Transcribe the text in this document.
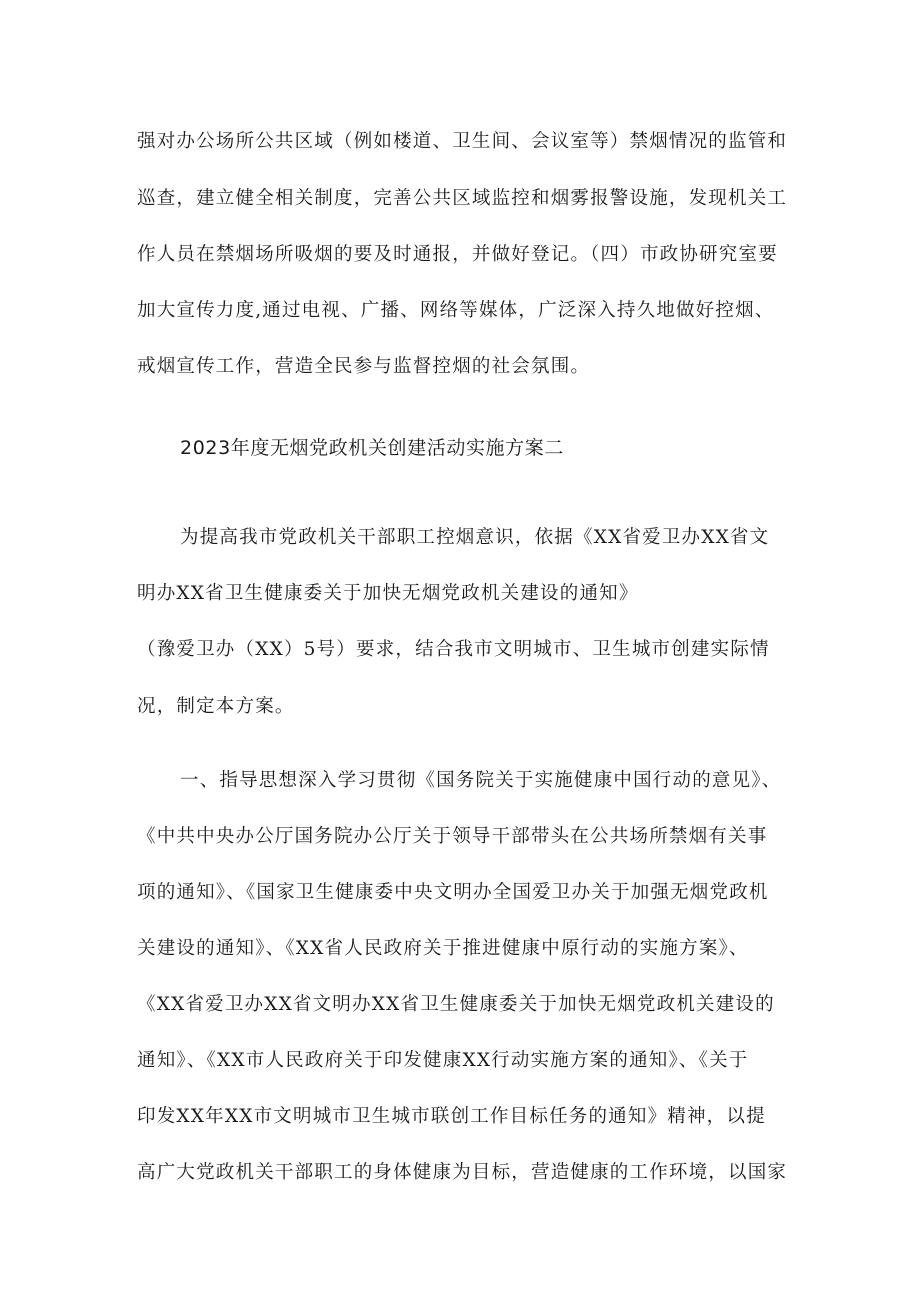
强对办公场所公共区域（例如楼道、卫生间、会议室等）禁烟情况的监管和
巡查，建立健全相关制度，完善公共区域监控和烟雾报警设施，发现机关工
作人员在禁烟场所吸烟的要及时通报，并做好登记。（四）市政协研究室要
加大宣传力度,通过电视、广播、网络等媒体，广泛深入持久地做好控烟、
戒烟宣传工作，营造全民参与监督控烟的社会氛围。
2023年度无烟党政机关创建活动实施方案二
为提高我市党政机关干部职工控烟意识，依据《XX省爱卫办XX省文
明办XX省卫生健康委关于加快无烟党政机关建设的通知》
（豫爱卫办（XX）5号）要求，结合我市文明城市、卫生城市创建实际情
况，制定本方案。
一、指导思想深入学习贯彻《国务院关于实施健康中国行动的意见》、
《中共中央办公厅国务院办公厅关于领导干部带头在公共场所禁烟有关事
项的通知》、《国家卫生健康委中央文明办全国爱卫办关于加强无烟党政机
关建设的通知》、《XX省人民政府关于推进健康中原行动的实施方案》、
《XX省爱卫办XX省文明办XX省卫生健康委关于加快无烟党政机关建设的
通知》、《XX市人民政府关于印发健康XX行动实施方案的通知》、《关于
印发XX年XX市文明城市卫生城市联创工作目标任务的通知》精神，以提
高广大党政机关干部职工的身体健康为目标，营造健康的工作环境，以国家
